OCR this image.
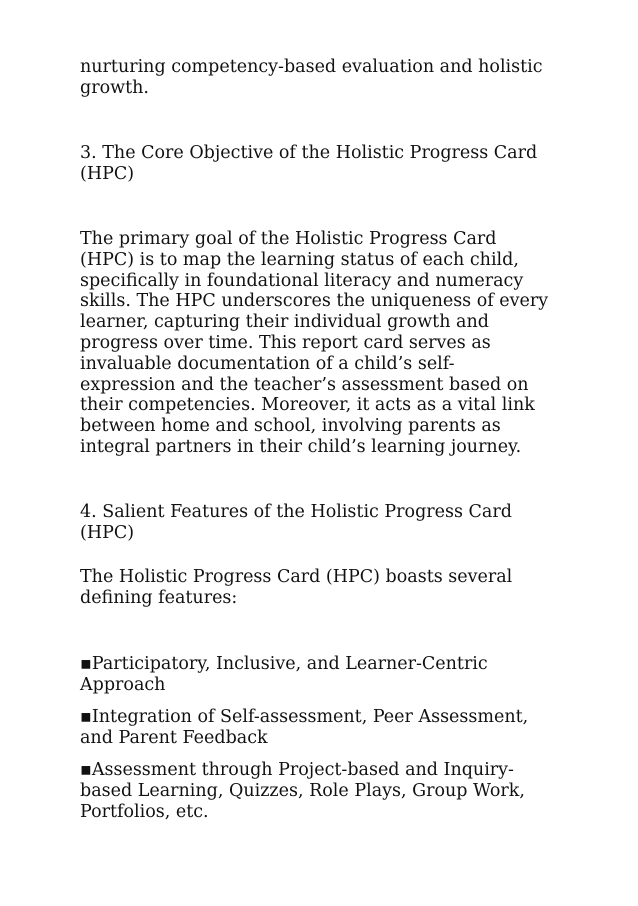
nurturing competency-based evaluation and holistic growth.

3. The Core Objective of the Holistic Progress Card (HPC)

The primary goal of the Holistic Progress Card (HPC) is to map the learning status of each child, specifically in foundational literacy and numeracy skills. The HPC underscores the uniqueness of every learner, capturing their individual growth and progress over time. This report card serves as invaluable documentation of a child’s self-expression and the teacher’s assessment based on their competencies. Moreover, it acts as a vital link between home and school, involving parents as integral partners in their child’s learning journey.

4. Salient Features of the Holistic Progress Card (HPC)

The Holistic Progress Card (HPC) boasts several defining features:

▪Participatory, Inclusive, and Learner-Centric Approach

▪Integration of Self-assessment, Peer Assessment, and Parent Feedback

▪Assessment through Project-based and Inquiry-based Learning, Quizzes, Role Plays, Group Work, Portfolios, etc.
